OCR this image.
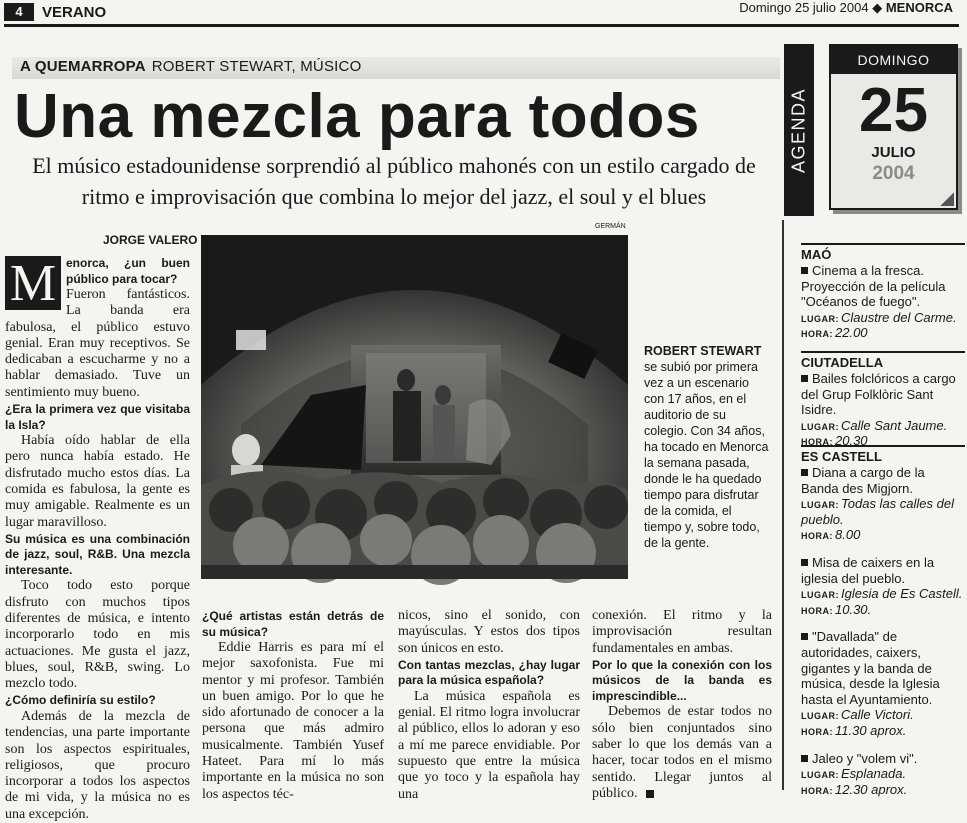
4	VERANO	Domingo 25 julio 2004 ◆ MENORCA
A QUEMARROPA ROBERT STEWART, MÚSICO
Una mezcla para todos
El músico estadounidense sorprendió al público mahonés con un estilo cargado de ritmo e improvisación que combina lo mejor del jazz, el soul y el blues
JORGE VALERO
GERMÁN
M enorca, ¿un buen público para tocar?

Fueron fantásticos. La banda era fabulosa, el público estuvo genial. Eran muy receptivos. Se dedicaban a escucharme y no a hablar demasiado. Tuve un sentimiento muy bueno.

¿Era la primera vez que visitaba la Isla?

Había oído hablar de ella pero nunca había estado. He disfrutado mucho estos días. La comida es fabulosa, la gente es muy amigable. Realmente es un lugar maravilloso.

Su música es una combinación de jazz, soul, R&B. Una mezcla interesante.

Toco todo esto porque disfruto con muchos tipos diferentes de música, e intento incorporarlo todo en mis actuaciones. Me gusta el jazz, blues, soul, R&B, swing. Lo mezclo todo.

¿Cómo definiría su estilo?

Además de la mezcla de tendencias, una parte importante son los aspectos espirituales, religiosos, que procuro incorporar a todos los aspectos de mi vida, y la música no es una excepción.

ROBERT STEWART
se subió por primera vez a un escenario con 17 años, en el auditorio de su colegio. Con 34 años, ha tocado en Menorca la semana pasada, donde le ha quedado tiempo para disfrutar de la comida, el tiempo y, sobre todo, de la gente.

¿Qué artistas están detrás de su música?

Eddie Harris es para mí el mejor saxofonista. Fue mi mentor y mi profesor. También un buen amigo. Por lo que he sido afortunado de conocer a la persona que más admiro musicalmente. También Yusef Hateet. Para mí lo más importante en la música no son los aspectos téc-

nicos, sino el sonido, con mayúsculas. Y estos dos tipos son únicos en esto.

Con tantas mezclas, ¿hay lugar para la música española?

La música española es genial. El ritmo logra involucrar al público, ellos lo adoran y eso a mí me parece envidiable. Por supuesto que entre la música que yo toco y la española hay una

conexión. El ritmo y la improvisación resultan fundamentales en ambas.

Por lo que la conexión con los músicos de la banda es imprescindible...

Debemos de estar todos no sólo bien conjuntados sino saber lo que los demás van a hacer, tocar todos en el mismo sentido. Llegar juntos al público.

AGENDA
DOMINGO
25
JULIO
2004
MAÓ
Cinema a la fresca. Proyección de la película "Océanos de fuego".
LUGAR: Claustre del Carme.
HORA: 22.00
CIUTADELLA
Bailes folclóricos a cargo del Grup Folklòric Sant Isidre.
LUGAR: Calle Sant Jaume.
HORA: 20.30
ES CASTELL
Diana a cargo de la Banda des Migjorn.
LUGAR: Todas las calles del pueblo.
HORA: 8.00
Misa de caixers en la iglesia del pueblo.
LUGAR: Iglesia de Es Castell.
HORA: 10.30.
"Davallada" de autoridades, caixers, gigantes y la banda de música, desde la Iglesia hasta el Ayuntamiento.
LUGAR: Calle Victori.
HORA: 11.30 aprox.
Jaleo y "volem vi".
LUGAR: Esplanada.
HORA: 12.30 aprox.
